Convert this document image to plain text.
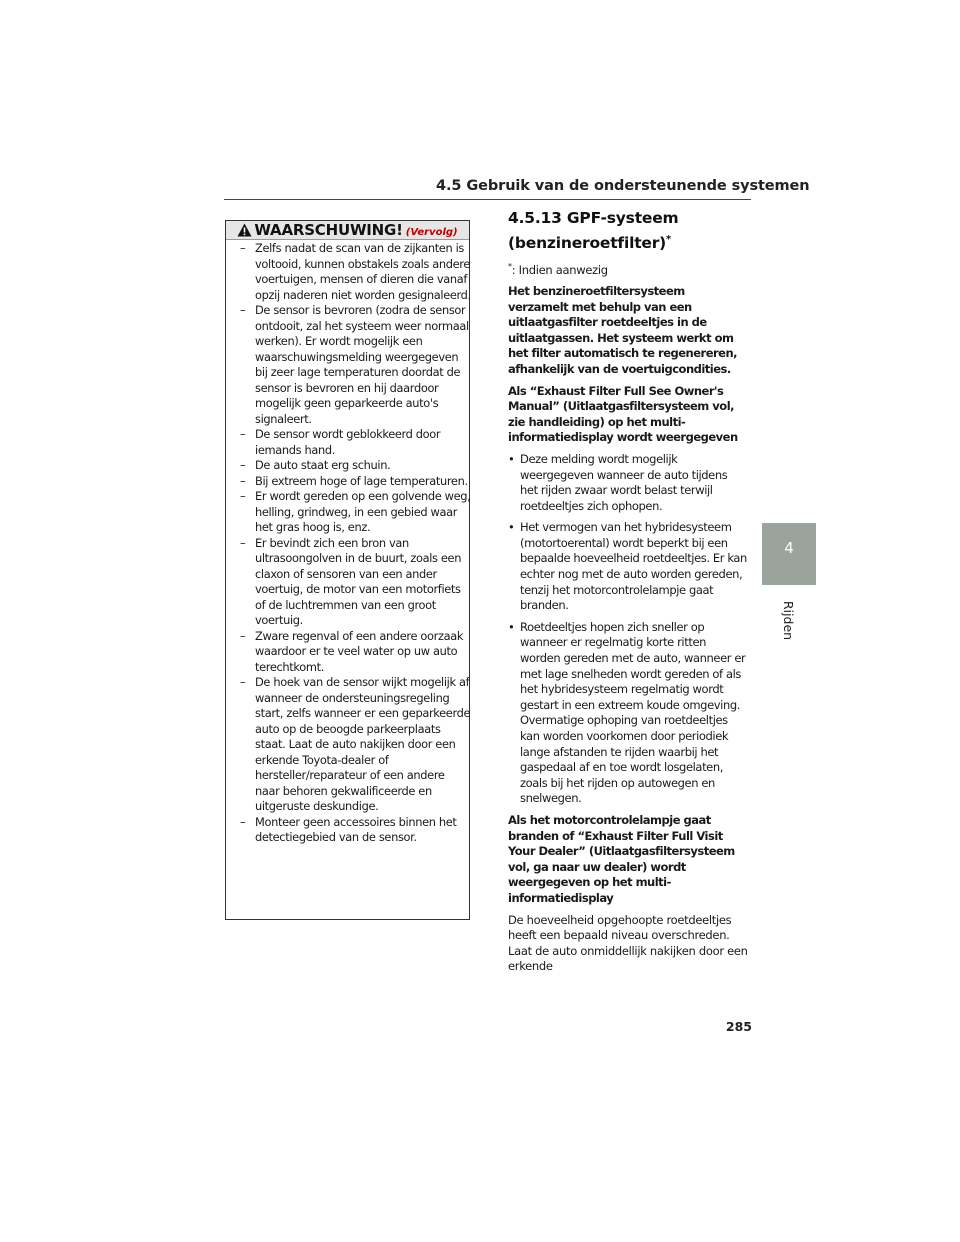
4.5 Gebruik van de ondersteunende systemen
WAARSCHUWING! (Vervolg)
– Zelfs nadat de scan van de zijkanten is voltooid, kunnen obstakels zoals andere voertuigen, mensen of dieren die vanaf opzij naderen niet worden gesignaleerd.
– De sensor is bevroren (zodra de sensor ontdooit, zal het systeem weer normaal werken). Er wordt mogelijk een waarschuwingsmelding weergegeven bij zeer lage temperaturen doordat de sensor is bevroren en hij daardoor mogelijk geen geparkeerde auto's signaleert.
– De sensor wordt geblokkeerd door iemands hand.
– De auto staat erg schuin.
– Bij extreem hoge of lage temperaturen.
– Er wordt gereden op een golvende weg, helling, grindweg, in een gebied waar het gras hoog is, enz.
– Er bevindt zich een bron van ultrasoongolven in de buurt, zoals een claxon of sensoren van een ander voertuig, de motor van een motorfiets of de luchtremmen van een groot voertuig.
– Zware regenval of een andere oorzaak waardoor er te veel water op uw auto terechtkomt.
– De hoek van de sensor wijkt mogelijk af wanneer de ondersteuningsregeling start, zelfs wanneer er een geparkeerde auto op de beoogde parkeerplaats staat. Laat de auto nakijken door een erkende Toyota-dealer of hersteller/reparateur of een andere naar behoren gekwalificeerde en uitgeruste deskundige.
– Monteer geen accessoires binnen het detectiegebied van de sensor.
4.5.13 GPF-systeem
(benzineroetfilter)*

*: Indien aanwezig

Het benzineroetfiltersysteem verzamelt met behulp van een uitlaatgasfilter roetdeeltjes in de uitlaatgassen. Het systeem werkt om het filter automatisch te regenereren, afhankelijk van de voertuigcondities.

Als “Exhaust Filter Full See Owner's Manual” (Uitlaatgasfiltersysteem vol, zie handleiding) op het multi-informatiedisplay wordt weergegeven

• Deze melding wordt mogelijk weergegeven wanneer de auto tijdens het rijden zwaar wordt belast terwijl roetdeeltjes zich ophopen.
• Het vermogen van het hybridesysteem (motortoerental) wordt beperkt bij een bepaalde hoeveelheid roetdeeltjes. Er kan echter nog met de auto worden gereden, tenzij het motorcontrolelampje gaat branden.
• Roetdeeltjes hopen zich sneller op wanneer er regelmatig korte ritten worden gereden met de auto, wanneer er met lage snelheden wordt gereden of als het hybridesysteem regelmatig wordt gestart in een extreem koude omgeving. Overmatige ophoping van roetdeeltjes kan worden voorkomen door periodiek lange afstanden te rijden waarbij het gaspedaal af en toe wordt losgelaten, zoals bij het rijden op autowegen en snelwegen.

Als het motorcontrolelampje gaat branden of “Exhaust Filter Full Visit Your Dealer” (Uitlaatgasfiltersysteem vol, ga naar uw dealer) wordt weergegeven op het multi-informatiedisplay

De hoeveelheid opgehoopte roetdeeltjes heeft een bepaald niveau overschreden. Laat de auto onmiddellijk nakijken door een erkende

285
4
Rijden
